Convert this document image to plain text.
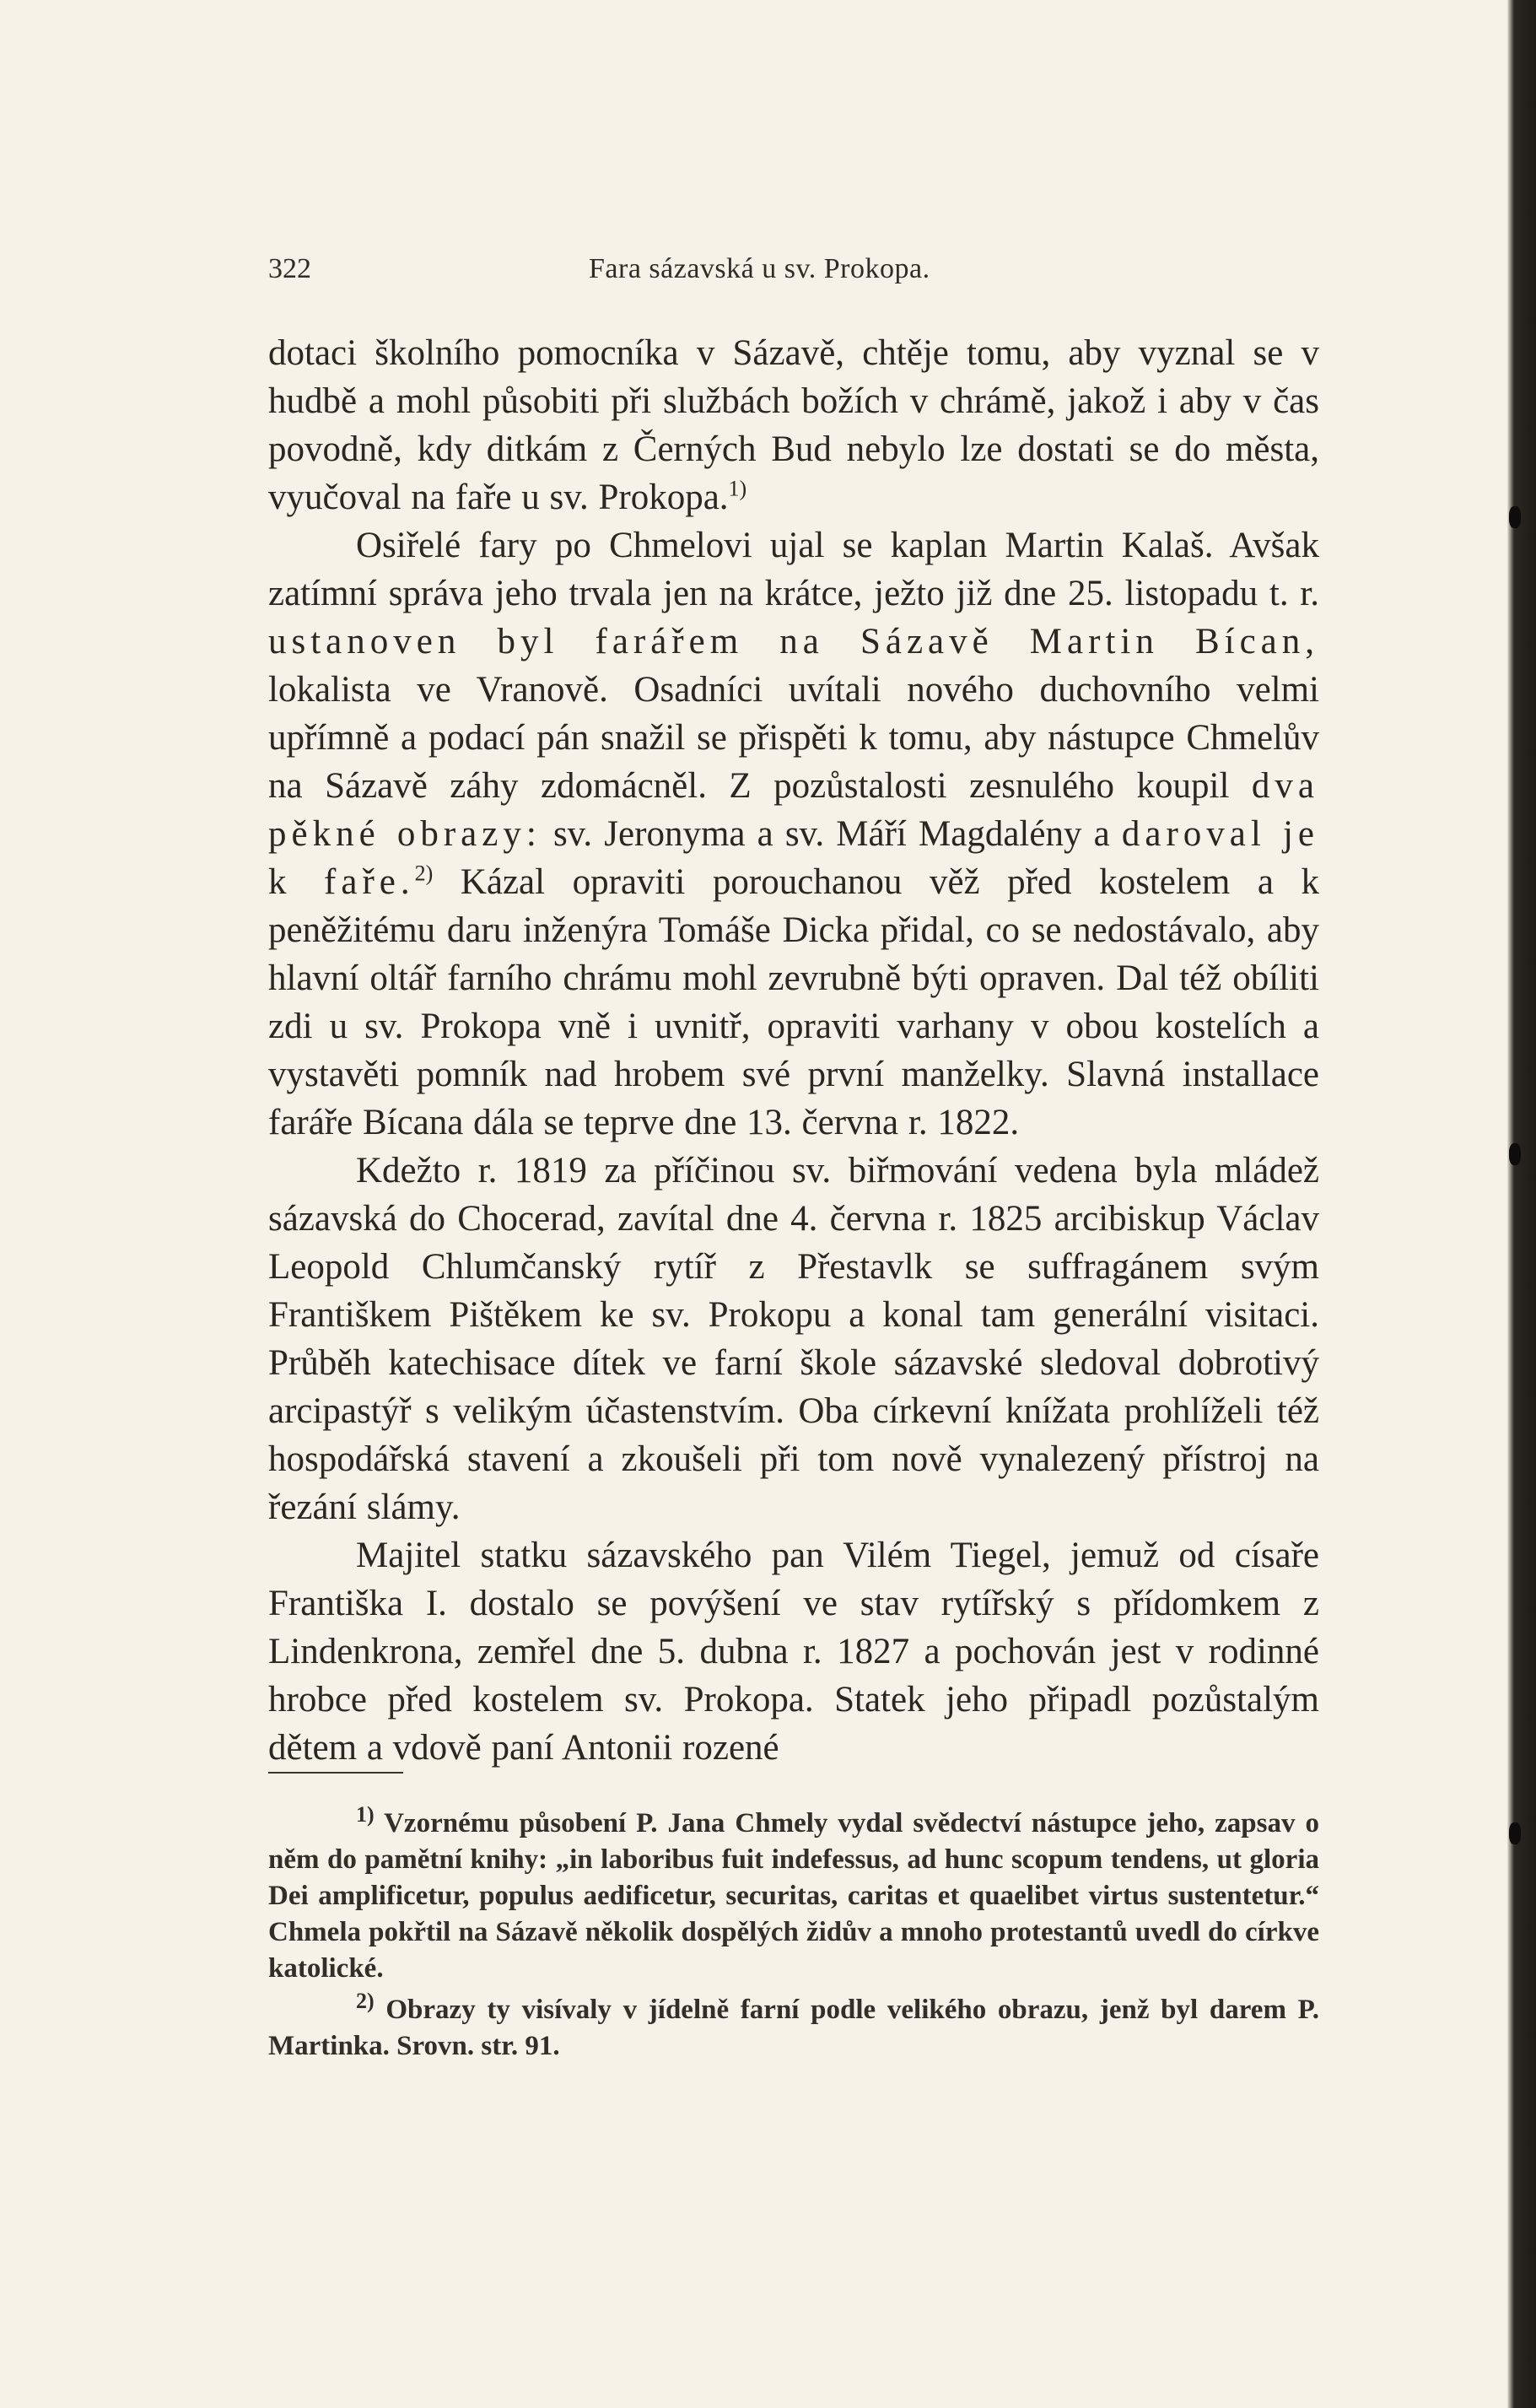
322	Fara sázavská u sv. Prokopa.

dotaci školního pomocníka v Sázavě, chtěje tomu, aby vyznal se v hudbě a mohl působiti při službách božích v chrámě, jakož i aby v čas povodně, kdy ditkám z Černých Bud nebylo lze dostati se do města, vyučoval na faře u sv. Prokopa.$^{1)}$

Osiřelé fary po Chmelovi ujal se kaplan Martin Kalaš. Avšak zatímní správa jeho trvala jen na krátce, ježto již dne 25. listopadu t. r. ustanoven byl farářem na Sázavě Martin Bícan, lokalista ve Vranově. Osadníci uvítali nového duchovního velmi upřímně a podací pán snažil se přispěti k tomu, aby nástupce Chmelův na Sázavě záhy zdomácněl. Z pozůstalosti zesnulého koupil dva pěkné obrazy: sv. Jeronyma a sv. Máří Magdalény a daroval je k faře.$^{2)}$ Kázal opraviti porouchanou věž před kostelem a k peněžitému daru inženýra Tomáše Dicka přidal, co se nedostávalo, aby hlavní oltář farního chrámu mohl zevrubně býti opraven. Dal též obíliti zdi u sv. Prokopa vně i uvnitř, opraviti varhany v obou kostelích a vystavěti pomník nad hrobem své první manželky. Slavná installace faráře Bícana dála se teprve dne 13. června r. 1822.

Kdežto r. 1819 za příčinou sv. biřmování vedena byla mládež sázavská do Chocerad, zavítal dne 4. června r. 1825 arcibiskup Václav Leopold Chlumčanský rytíř z Přestavlk se suffragánem svým Františkem Pištěkem ke sv. Prokopu a konal tam generální visitaci. Průběh katechisace dítek ve farní škole sázavské sledoval dobrotivý arcipastýř s velikým účastenstvím. Oba církevní knížata prohlíželi též hospodářská stavení a zkoušeli při tom nově vynalezený přístroj na řezání slámy.

Majitel statku sázavského pan Vilém Tiegel, jemuž od císaře Františka I. dostalo se povýšení ve stav rytířský s přídomkem z Lindenkrona, zemřel dne 5. dubna r. 1827 a pochován jest v rodinné hrobce před kostelem sv. Prokopa. Statek jeho připadl pozůstalým dětem a vdově paní Antonii rozené

$^{1)}$ Vzornému působení P. Jana Chmely vydal svědectví nástupce jeho, zapsav o něm do pamětní knihy: „in laboribus fuit indefessus, ad hunc scopum tendens, ut gloria Dei amplificetur, populus aedificetur, securitas, caritas et quaelibet virtus sustentetur.“ Chmela pokřtil na Sázavě několik dospělých židův a mnoho protestantů uvedl do církve katolické.

$^{2)}$ Obrazy ty visívaly v jídelně farní podle velikého obrazu, jenž byl darem P. Martinka. Srovn. str. 91.
